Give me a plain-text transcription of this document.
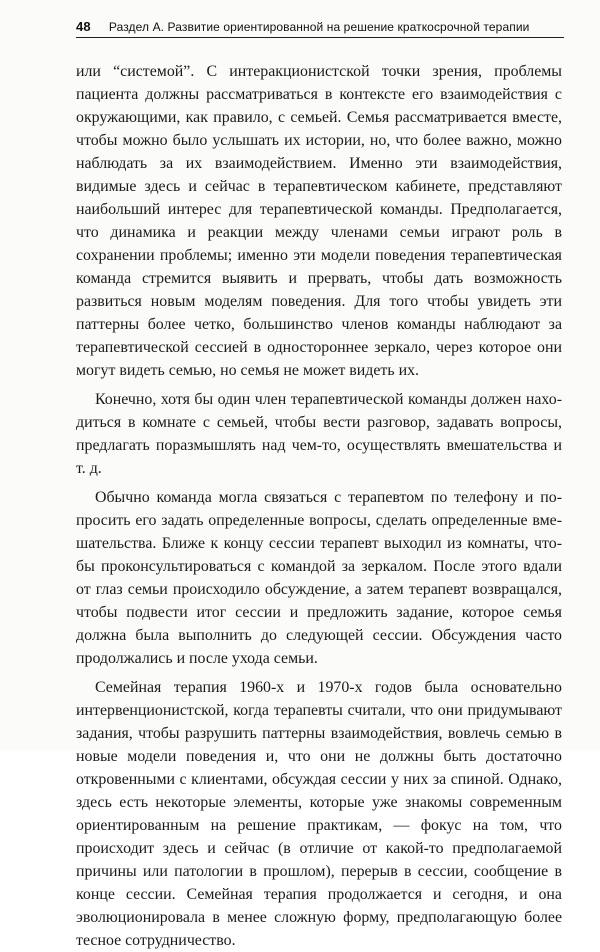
48 Раздел А. Развитие ориентированной на решение краткосрочной терапии

или “системой”. С интеракционистской точки зрения, проблемы пациента должны рассматриваться в контексте его взаимодействия с окружающими, как правило, с семьей. Семья рассматривается вместе, чтобы можно было услышать их истории, но, что более важно, можно наблюдать за их взаимодействием. Именно эти взаимодействия, видимые здесь и сейчас в терапевтическом кабинете, представляют наибольший интерес для терапевтической команды. Предполагается, что динамика и реакции между членами семьи играют роль в сохранении проблемы; именно эти модели поведения терапевтическая команда стремится выявить и прервать, чтобы дать возможность развиться новым моделям поведения. Для того чтобы увидеть эти паттерны более четко, большинство членов команды наблюдают за терапевтической сессией в одностороннее зеркало, через которое они могут видеть семью, но семья не может видеть их.

Конечно, хотя бы один член терапевтической команды должен находиться в комнате с семьей, чтобы вести разговор, задавать вопросы, предлагать поразмышлять над чем-то, осуществлять вмешательства и т. д.

Обычно команда могла связаться с терапевтом по телефону и попросить его задать определенные вопросы, сделать определенные вмешательства. Ближе к концу сессии терапевт выходил из комнаты, чтобы проконсультироваться с командой за зеркалом. После этого вдали от глаз семьи происходило обсуждение, а затем терапевт возвращался, чтобы подвести итог сессии и предложить задание, которое семья должна была выполнить до следующей сессии. Обсуждения часто продолжались и после ухода семьи.

Семейная терапия 1960-х и 1970-х годов была основательно интервенционистской, когда терапевты считали, что они придумывают задания, чтобы разрушить паттерны взаимодействия, вовлечь семью в новые модели поведения и, что они не должны быть достаточно откровенными с клиентами, обсуждая сессии у них за спиной. Однако, здесь есть некоторые элементы, которые уже знакомы современным ориентированным на решение практикам, — фокус на том, что происходит здесь и сейчас (в отличие от какой-то предполагаемой причины или патологии в прошлом), перерыв в сессии, сообщение в конце сессии. Семейная терапия продолжается и сегодня, и она эволюционировала в менее сложную форму, предполагающую более тесное сотрудничество.
